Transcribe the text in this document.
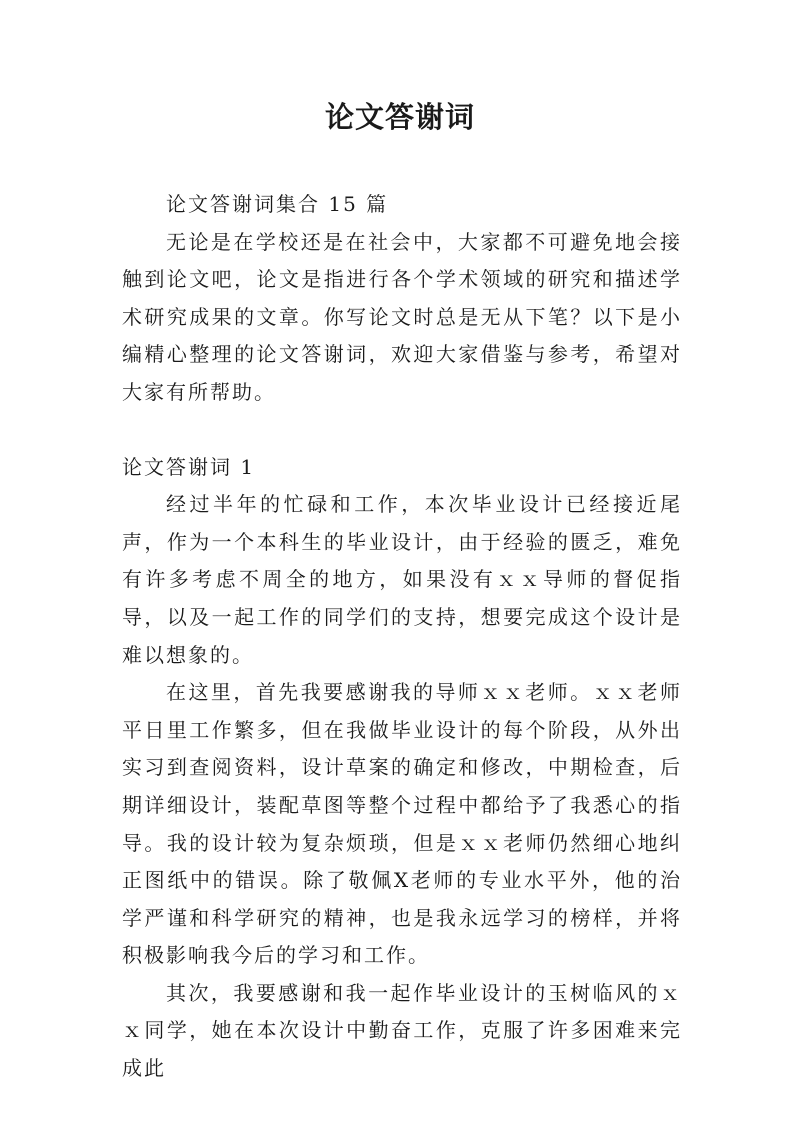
论文答谢词

论文答谢词集合 15 篇

无论是在学校还是在社会中，大家都不可避免地会接触到论文吧，论文是指进行各个学术领域的研究和描述学术研究成果的文章。你写论文时总是无从下笔？以下是小编精心整理的论文答谢词，欢迎大家借鉴与参考，希望对大家有所帮助。

论文答谢词 1

经过半年的忙碌和工作，本次毕业设计已经接近尾声，作为一个本科生的毕业设计，由于经验的匮乏，难免有许多考虑不周全的地方，如果没有ｘｘ导师的督促指导，以及一起工作的同学们的支持，想要完成这个设计是难以想象的。

在这里，首先我要感谢我的导师ｘｘ老师。ｘｘ老师平日里工作繁多，但在我做毕业设计的每个阶段，从外出实习到查阅资料，设计草案的确定和修改，中期检查，后期详细设计，装配草图等整个过程中都给予了我悉心的指导。我的设计较为复杂烦琐，但是ｘｘ老师仍然细心地纠正图纸中的错误。除了敬佩X老师的专业水平外，他的治学严谨和科学研究的精神，也是我永远学习的榜样，并将积极影响我今后的学习和工作。

其次，我要感谢和我一起作毕业设计的玉树临风的ｘｘ同学，她在本次设计中勤奋工作，克服了许多困难来完成此
